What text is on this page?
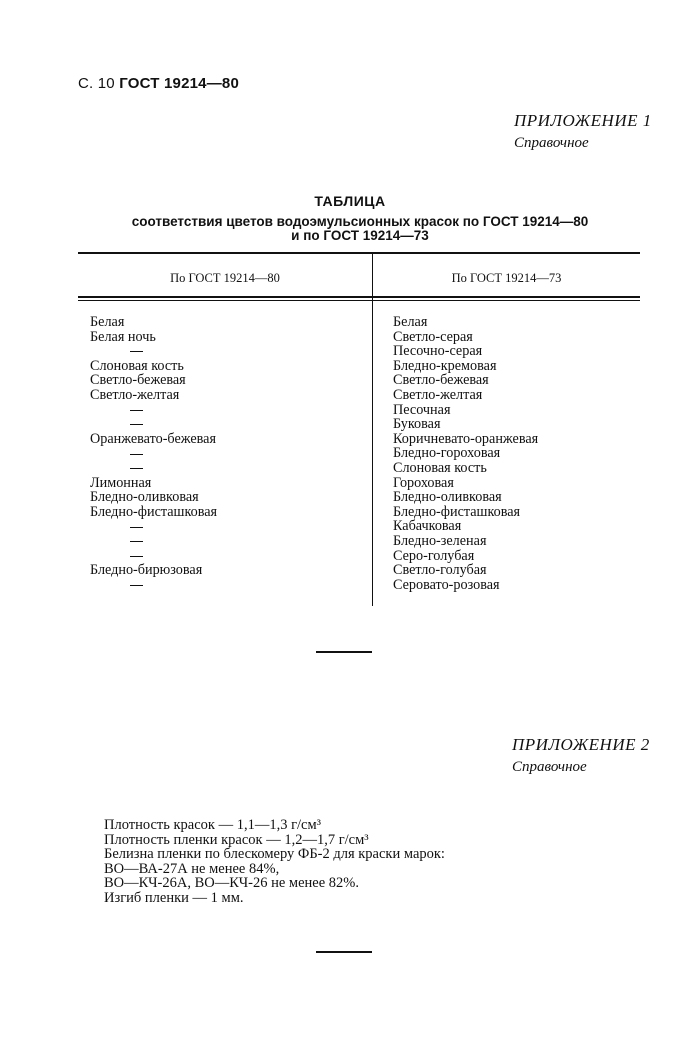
С. 10 ГОСТ 19214—80
ПРИЛОЖЕНИЕ 1
Справочное
ТАБЛИЦА
соответствия цветов водоэмульсионных красок по ГОСТ 19214—80
и по ГОСТ 19214—73
По ГОСТ 19214—80	По ГОСТ 19214—73
Белая
Белая ночь
Слоновая кость
Светло-бежевая
Светло-желтая
Оранжевато-бежевая
Лимонная
Бледно-оливковая
Бледно-фисташковая
Бледно-бирюзовая
Белая
Светло-серая
Песочно-серая
Бледно-кремовая
Светло-бежевая
Светло-желтая
Песочная
Буковая
Коричневато-оранжевая
Бледно-гороховая
Слоновая кость
Гороховая
Бледно-оливковая
Бледно-фисташковая
Кабачковая
Бледно-зеленая
Серо-голубая
Светло-голубая
Серовато-розовая
ПРИЛОЖЕНИЕ 2
Справочное
Плотность красок — 1,1—1,3 г/см³
Плотность пленки красок — 1,2—1,7 г/см³
Белизна пленки по блескомеру ФБ-2 для краски марок:
ВО—ВА-27А не менее 84%,
ВО—КЧ-26А, ВО—КЧ-26 не менее 82%.
Изгиб пленки — 1 мм.
